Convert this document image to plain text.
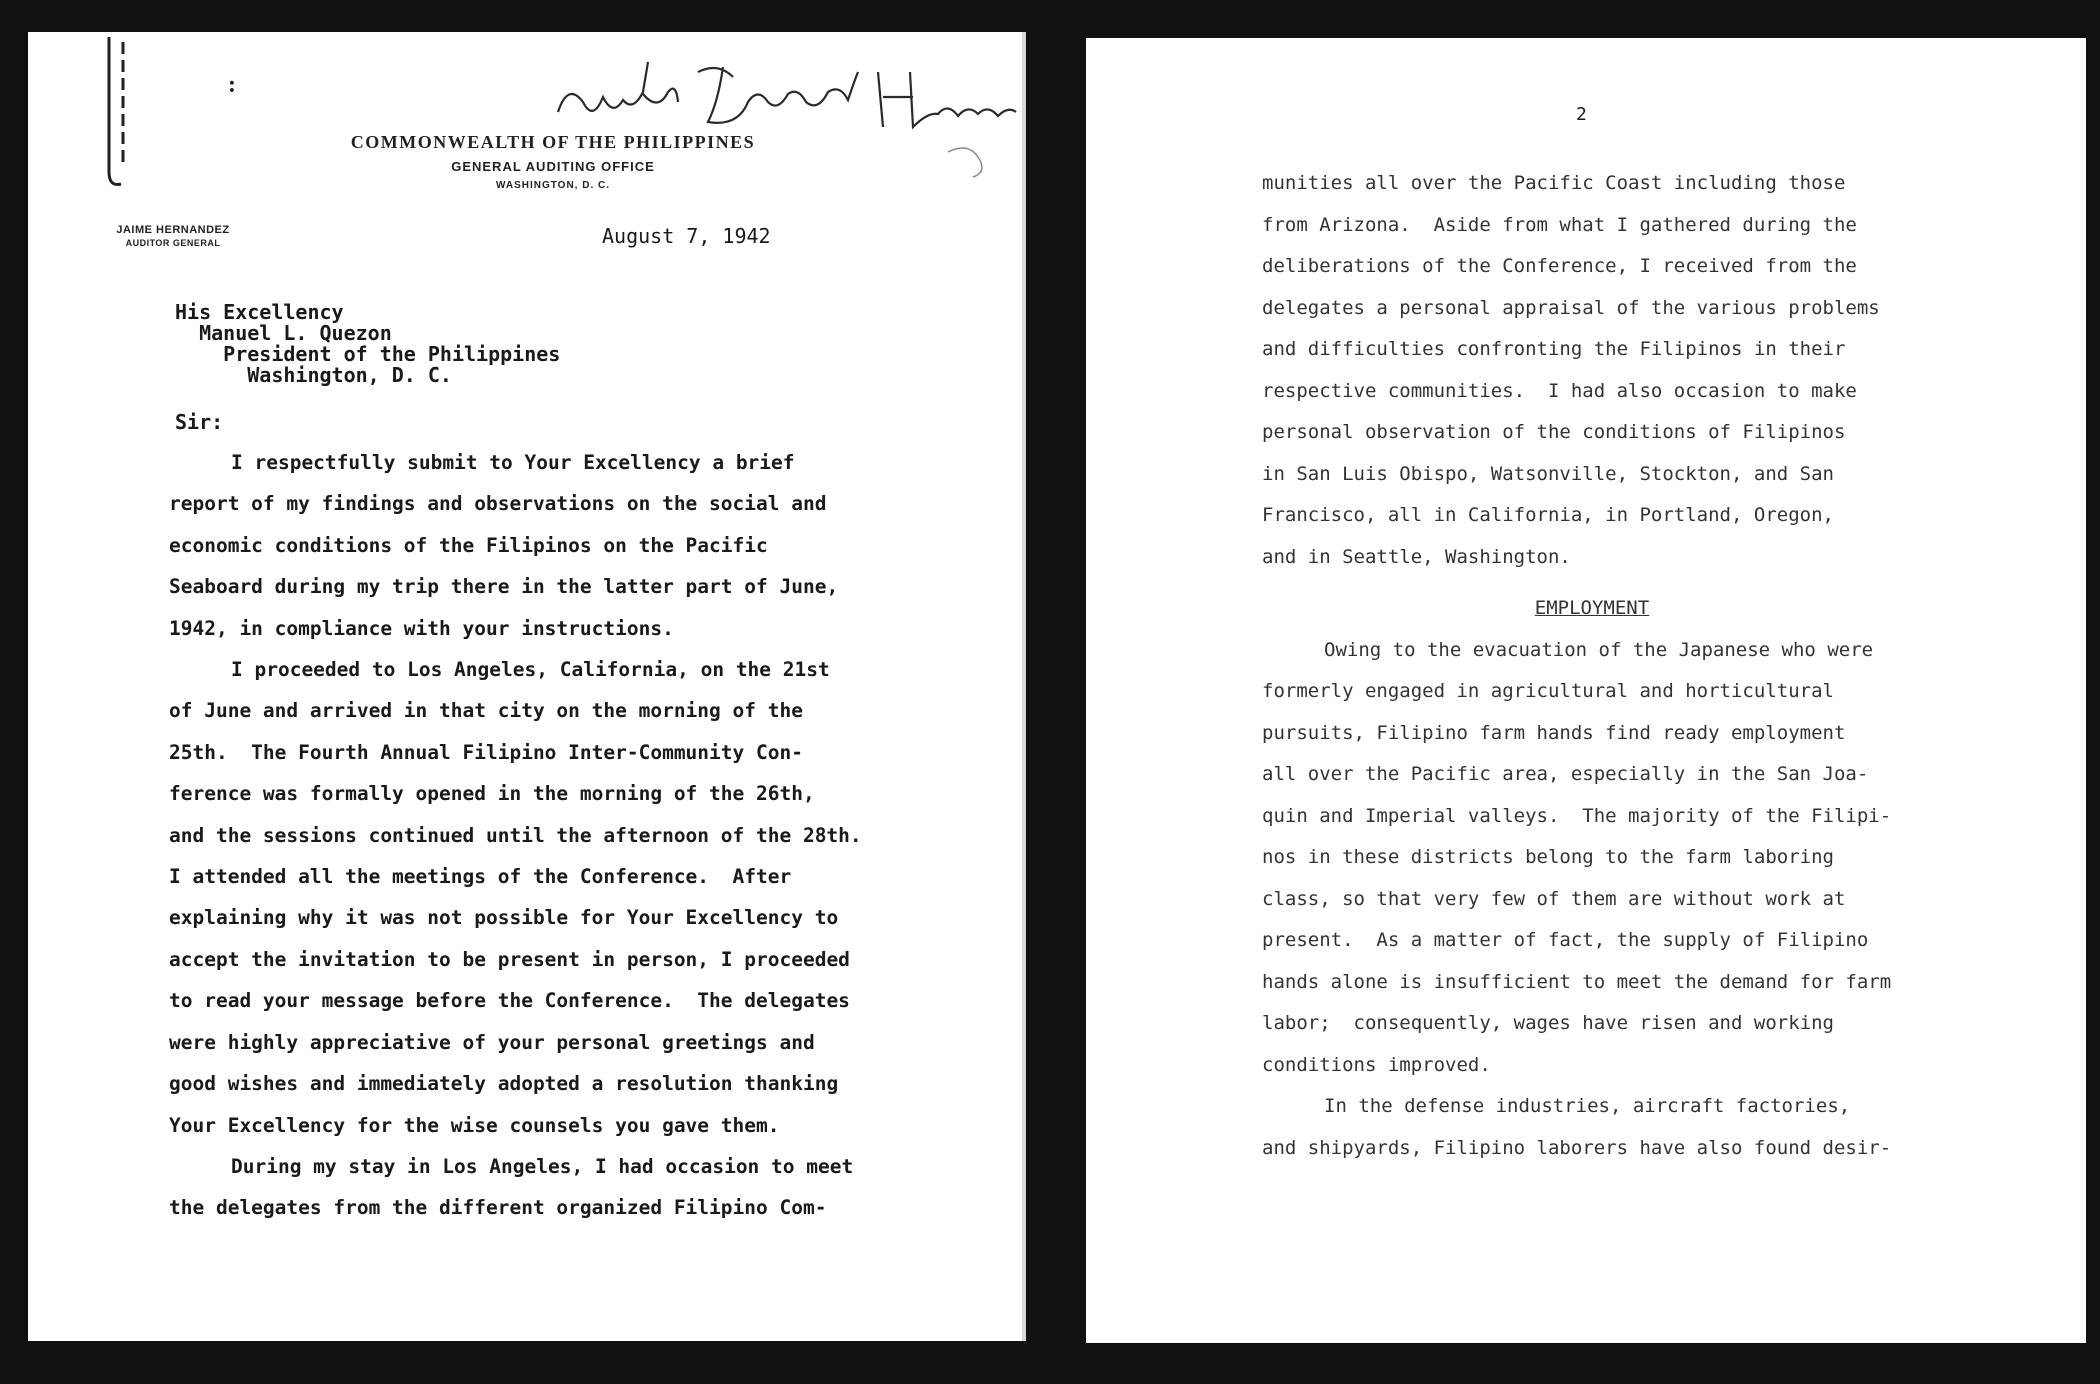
:
COMMONWEALTH OF THE PHILIPPINES
GENERAL AUDITING OFFICE
WASHINGTON, D. C.
JAIME HERNANDEZ
AUDITOR GENERAL	August 7, 1942
His Excellency
Manuel L. Quezon
President of the Philippines
Washington, D. C.
Sir:
I respectfully submit to Your Excellency a brief
report of my findings and observations on the social and
economic conditions of the Filipinos on the Pacific
Seaboard during my trip there in the latter part of June,
1942, in compliance with your instructions.
I proceeded to Los Angeles, California, on the 21st
of June and arrived in that city on the morning of the
25th.  The Fourth Annual Filipino Inter-Community Con-
ference was formally opened in the morning of the 26th,
and the sessions continued until the afternoon of the 28th.
I attended all the meetings of the Conference.  After
explaining why it was not possible for Your Excellency to
accept the invitation to be present in person, I proceeded
to read your message before the Conference.  The delegates
were highly appreciative of your personal greetings and
good wishes and immediately adopted a resolution thanking
Your Excellency for the wise counsels you gave them.
During my stay in Los Angeles, I had occasion to meet
the delegates from the different organized Filipino Com-
2
munities all over the Pacific Coast including those
from Arizona.  Aside from what I gathered during the
deliberations of the Conference, I received from the
delegates a personal appraisal of the various problems
and difficulties confronting the Filipinos in their
respective communities.  I had also occasion to make
personal observation of the conditions of Filipinos
in San Luis Obispo, Watsonville, Stockton, and San
Francisco, all in California, in Portland, Oregon,
and in Seattle, Washington.
EMPLOYMENT
Owing to the evacuation of the Japanese who were
formerly engaged in agricultural and horticultural
pursuits, Filipino farm hands find ready employment
all over the Pacific area, especially in the San Joa-
quin and Imperial valleys.  The majority of the Filipi-
nos in these districts belong to the farm laboring
class, so that very few of them are without work at
present.  As a matter of fact, the supply of Filipino
hands alone is insufficient to meet the demand for farm
labor;  consequently, wages have risen and working
conditions improved.
In the defense industries, aircraft factories,
and shipyards, Filipino laborers have also found desir-
